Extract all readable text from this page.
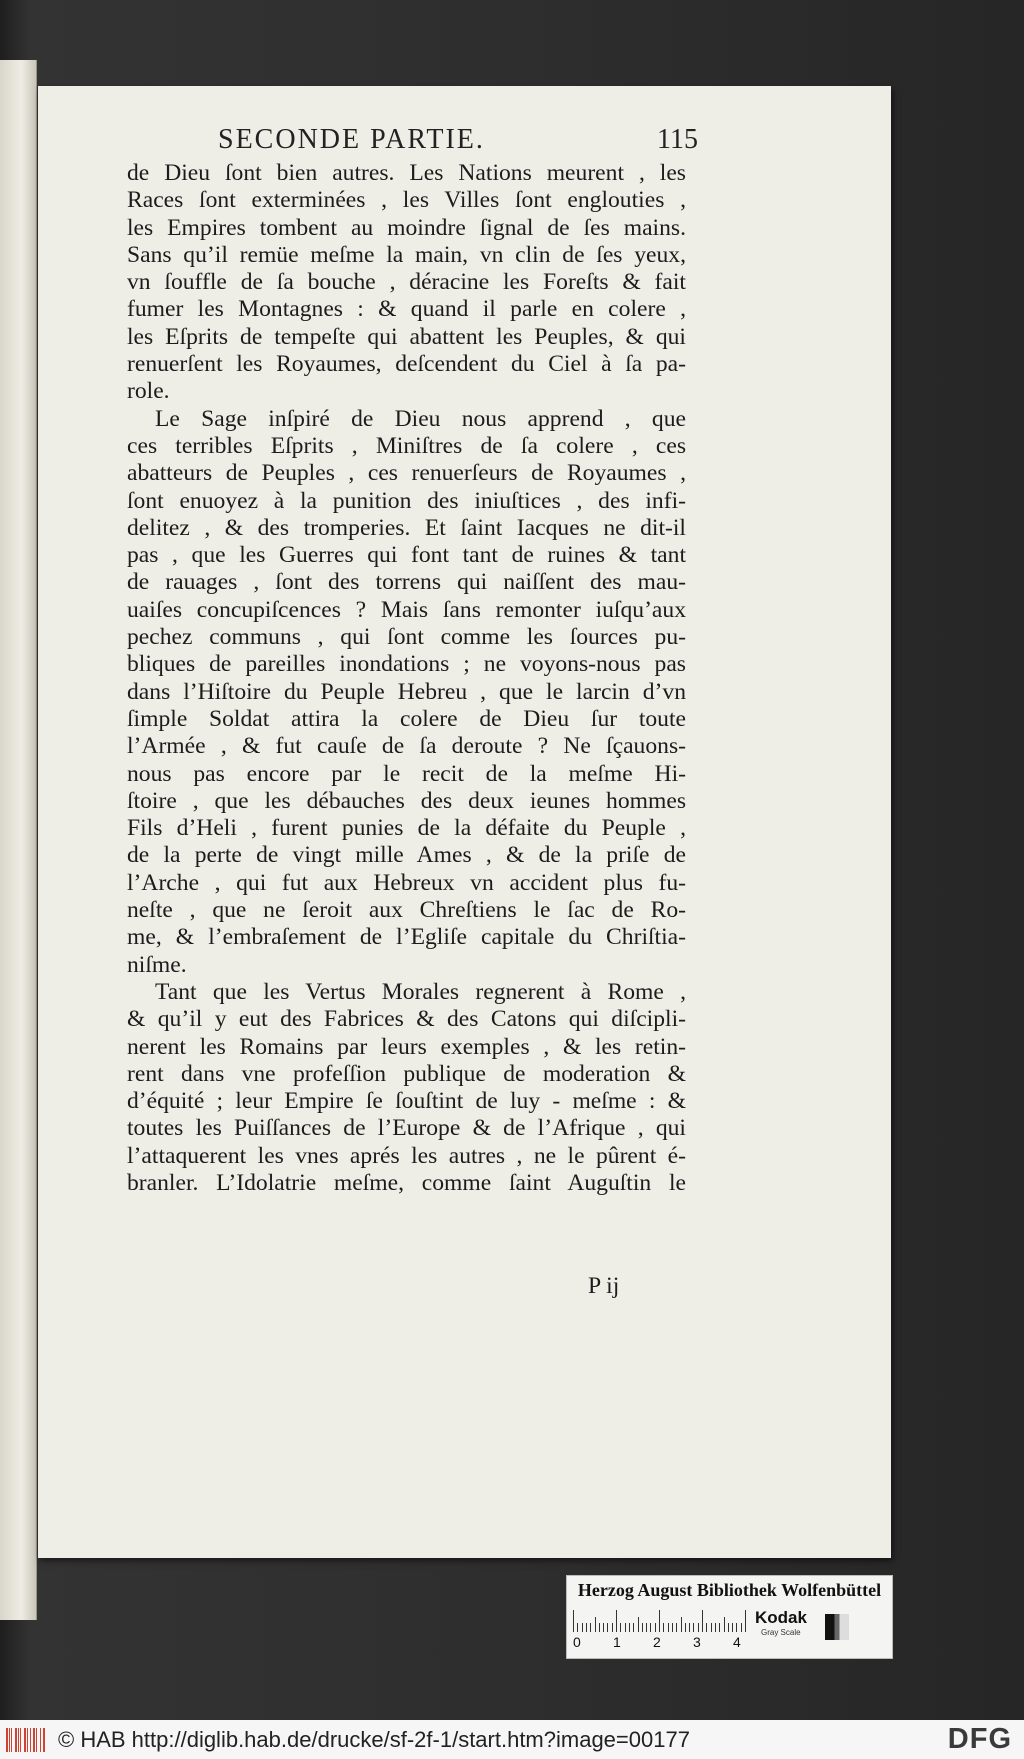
SECONDE PARTIE.	115
de Dieu ſont bien autres. Les Nations meurent , les
Races ſont exterminées , les Villes ſont englouties ,
les Empires tombent au moindre ſignal de ſes mains.
Sans qu’il remüe meſme la main, vn clin de ſes yeux,
vn ſouffle de ſa bouche , déracine les Foreſts & fait
fumer les Montagnes : & quand il parle en colere ,
les Eſprits de tempeſte qui abattent les Peuples, & qui
renuerſent les Royaumes, deſcendent du Ciel à ſa pa-
role.
Le Sage inſpiré de Dieu nous apprend , que
ces terribles Eſprits , Miniſtres de ſa colere , ces
abatteurs de Peuples , ces renuerſeurs de Royaumes ,
ſont enuoyez à la punition des iniuſtices , des infi-
delitez , & des tromperies. Et ſaint Iacques ne dit-il
pas , que les Guerres qui font tant de ruines & tant
de rauages , ſont des torrens qui naiſſent des mau-
uaiſes concupiſcences ? Mais ſans remonter iuſqu’aux
pechez communs , qui ſont comme les ſources pu-
bliques de pareilles inondations ; ne voyons-nous pas
dans l’Hiſtoire du Peuple Hebreu , que le larcin d’vn
ſimple Soldat attira la colere de Dieu ſur toute
l’Armée , & fut cauſe de ſa deroute ? Ne ſçauons-
nous pas encore par le recit de la meſme Hi-
ſtoire , que les débauches des deux ieunes hommes
Fils d’Heli , furent punies de la défaite du Peuple ,
de la perte de vingt mille Ames , & de la priſe de
l’Arche , qui fut aux Hebreux vn accident plus fu-
neſte , que ne ſeroit aux Chreſtiens le ſac de Ro-
me, & l’embraſement de l’Egliſe capitale du Chriſtia-
niſme.
Tant que les Vertus Morales regnerent à Rome ,
& qu’il y eut des Fabrices & des Catons qui diſcipli-
nerent les Romains par leurs exemples , & les retin-
rent dans vne profeſſion publique de moderation &
d’équité ; leur Empire ſe ſouſtint de luy - meſme : &
toutes les Puiſſances de l’Europe & de l’Afrique , qui
l’attaquerent les vnes aprés les autres , ne le pûrent é-
branler. L’Idolatrie meſme, comme ſaint Auguſtin le
P ij
Herzog August Bibliothek Wolfenbüttel
0 1 2 3 4
Kodak
Gray Scale
© HAB http://diglib.hab.de/drucke/sf-2f-1/start.htm?image=00177	DFG
